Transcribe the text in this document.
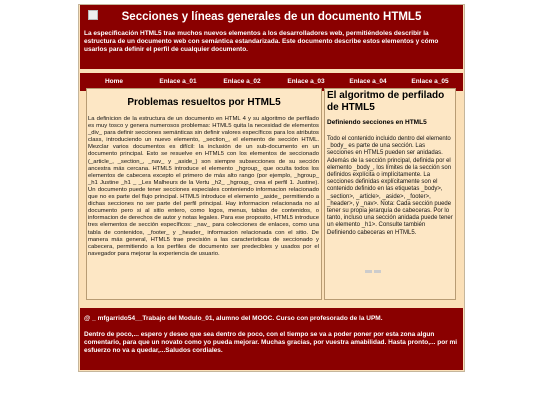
Secciones y líneas generales de un documento HTML5

La especificación HTML5 trae muchos nuevos elementos a los desarrolladores web, permitiéndoles describir la estructura de un documento web con semántica estandarizada. Este documento describe estos elementos y cómo usarlos para definir el perfil de cualquier documento.

Home	Enlace a_01	Enlace a_02	Enlace a_03	Enlace a_04	Enlace a_05
@ _ mfgarrido54__Trabajo del Modulo_01, alumno del MOOC. Curso con profesorado de la UPM.
Dentro de poco,... espero y deseo que sea dentro de poco, con el tiempo se va a poder poner por esta zona algun comentario, para que un novato como yo pueda mejorar. Muchas gracias, por vuestra amabilidad. Hasta pronto,... por mi esfuerzo no va a quedar,...Saludos cordiales.
Problemas resueltos por HTML5

La definicion de la estructura de un documento en HTML 4 y su algoritmo de perfilado es muy tosco y genera numerosos problemas: HTML5 quita la necesidad de elementos _div_ para definir secciones semánticas sin definir valores específicos para los atributos class, introduciendo un nuevo elemento, _section_, el elemento de sección HTML. Mezclar varios documentos es difícil: la inclusión de un sub-documento en un documento principal. Esto se resuelve en HTML5 con los elementos de seccionado (_article_, _section_, _nav_ y _aside_) son siempre subsecciones de su sección ancestra más cercana. HTML5 introduce el elemento _hgroup_ que oculta todos los elementos de cabecera excepto el primero de más alto rango (por ejemplo, _hgroup_ _h1 Justine _h1 _ _Les Malheurs de la Vertu _h2_ _hgroup_ crea el perfil 1. Justine). Un documento puede tener secciones especiales conteniendo informacion relacionado que no es parte del flujo principal. HTML5 introduce el elemento _aside_ permitiendo a dichas secciones no ser parte del perfil principal. Hay informacion relacionada no al documento pero si al sitio entero, como logos, menus, tablas de contenidos, o informacion de derechos de autor y notas legales. Para ese proposito, HTML5 introduce tres elementos de sección específicos: _nav_ para colecciones de enlaces, como una tabla de contenidos, _footer_ y _header_ informacion relacionada con el sitio. De manera más general, HTML5 trae precisión a las características de seccionado y cabecera, permitiendo a los perfiles de documento ser predecibles y usados por el navegador para mejorar la experiencia de usuario.

El algoritmo de perfilado de HTML5
Definiendo secciones en HTML5

Todo el contenido incluido dentro del elemento _body_ es parte de una sección. Las secciones en HTML5 pueden ser anidadas. Además de la sección principal, definida por el elemento _body_, los límites de la sección son definidos explícita o implícitamente. La secciones definidas explícitamente son el contenido definido en las etiquetas _body>, _section>, _article>, _aside>, _footer>, _header>, y _nav>. Nota: Cada sección puede tener su propia jerarquía de cabeceras. Por lo tanto, incluso una sección anidada puede tener un elemento _h1>. Consulte también Definiendo cabeceras en HTML5.
